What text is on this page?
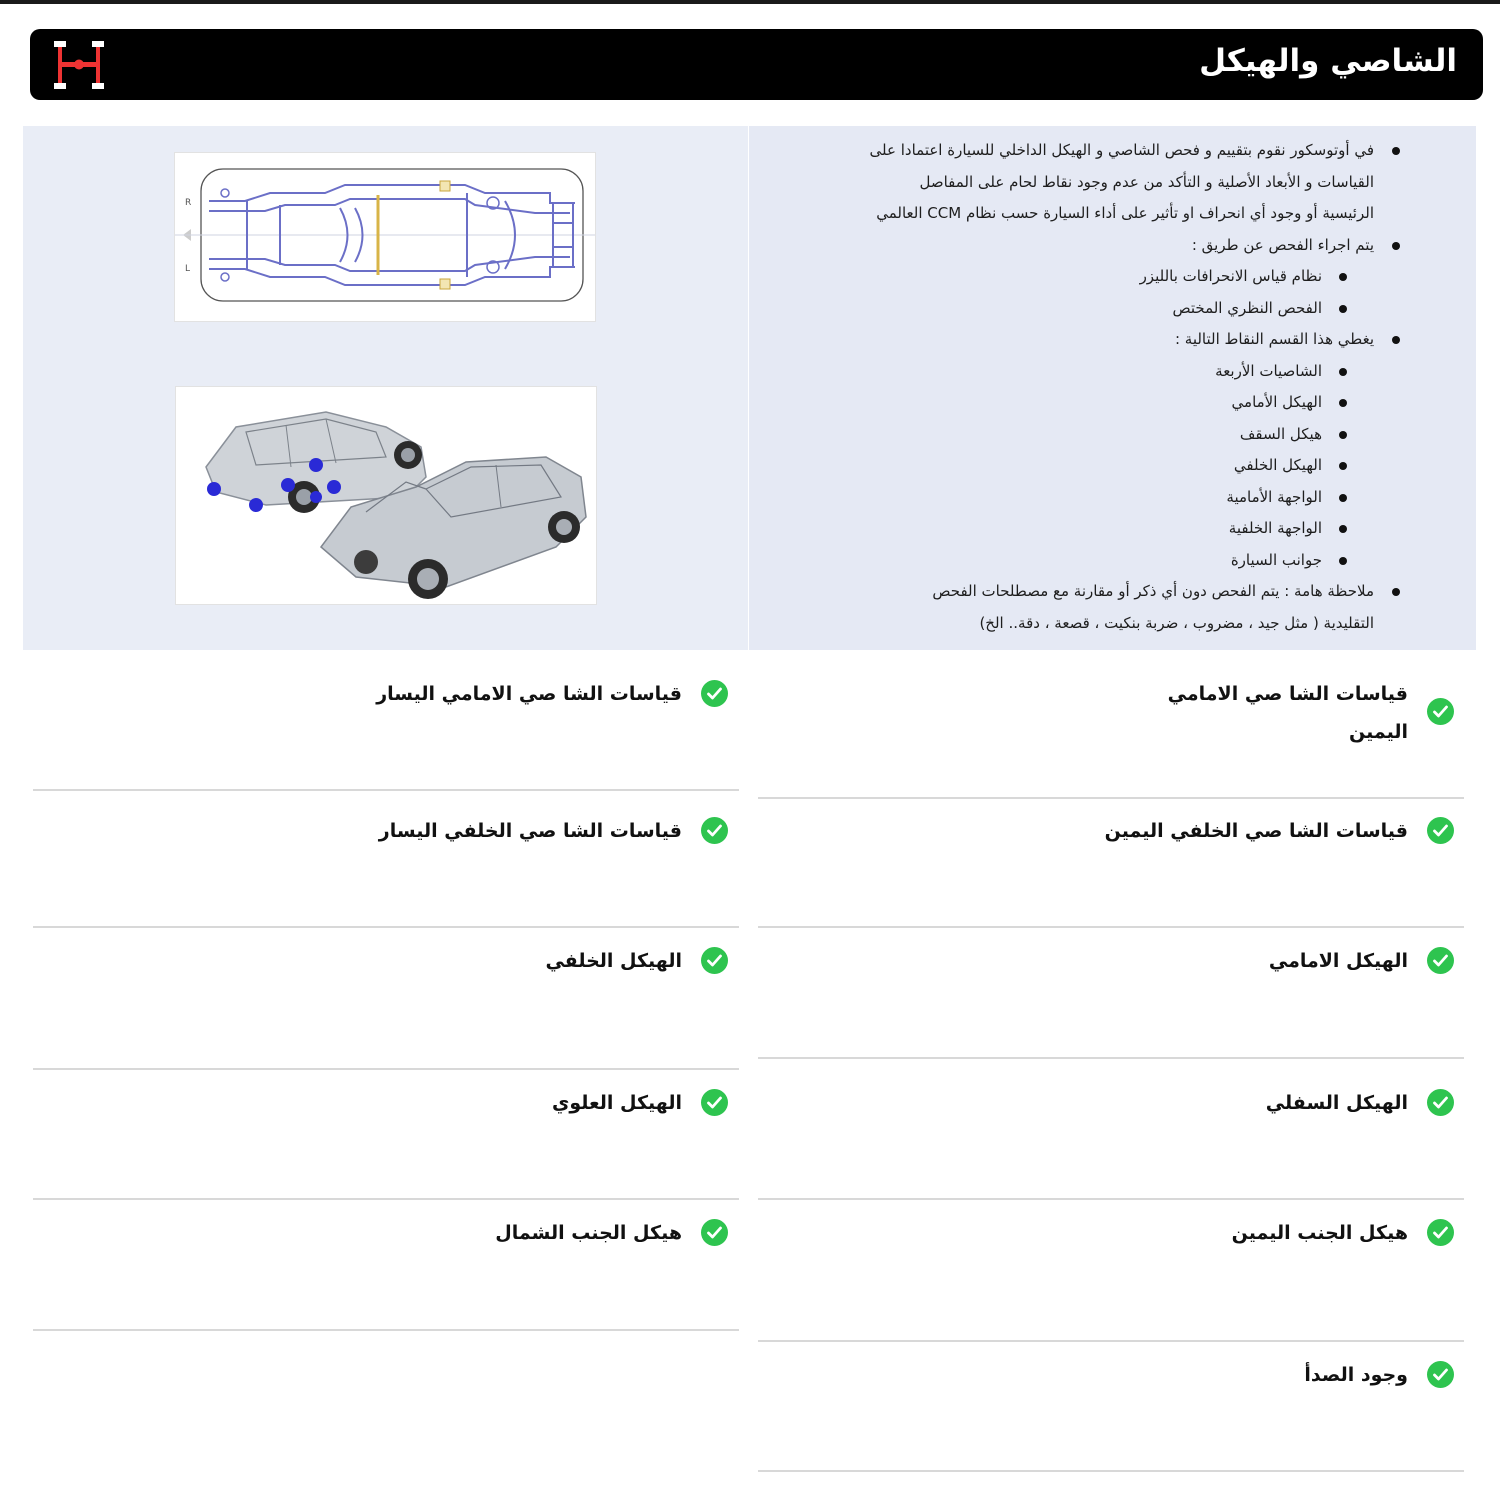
الشاصي والهيكل
R
L
في أوتوسكور نقوم بتقييم و فحص الشاصي و الهيكل الداخلي للسيارة اعتمادا على
القياسات و الأبعاد الأصلية و التأكد من عدم وجود نقاط لحام على المفاصل
الرئيسية أو وجود أي انحراف او تأثير على أداء السيارة حسب نظام CCM العالمي
يتم اجراء الفحص عن طريق :
نظام قياس الانحرافات بالليزر
الفحص النظري المختص
يغطي هذا القسم النقاط التالية :
الشاصيات الأربعة
الهيكل الأمامي
هيكل السقف
الهيكل الخلفي
الواجهة الأمامية
الواجهة الخلفية
جوانب السيارة
ملاحظة هامة : يتم الفحص دون أي ذكر أو مقارنة مع مصطلحات الفحص
التقليدية ( مثل جيد ، مضروب ، ضربة بنكيت ، قصعة ، دقة.. الخ)
قياسات الشا صي الامامي
اليمين
قياسات الشا صي الخلفي اليمين
الهيكل الامامي
الهيكل السفلي
هيكل الجنب اليمين
وجود الصدأ
قياسات الشا صي الامامي اليسار
قياسات الشا صي الخلفي اليسار
الهيكل الخلفي
الهيكل العلوي
هيكل الجنب الشمال
